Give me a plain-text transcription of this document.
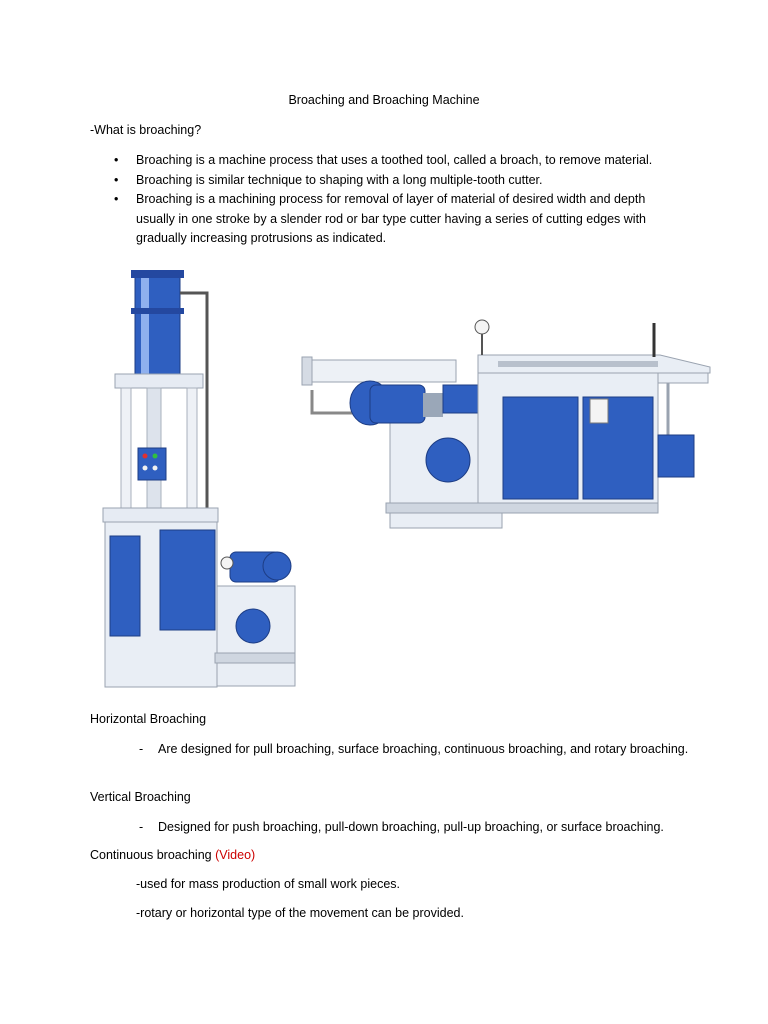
Broaching and Broaching Machine
-What is broaching?
• Broaching is a machine process that uses a toothed tool, called a broach, to remove material.
• Broaching is similar technique to shaping with a long multiple-tooth cutter.
• Broaching is a machining process for removal of layer of material of desired width and depth usually in one stroke by a slender rod or bar type cutter having a series of cutting edges with gradually increasing protrusions as indicated.
Horizontal Broaching
- Are designed for pull broaching, surface broaching, continuous broaching, and rotary broaching.
Vertical Broaching
- Designed for push broaching, pull-down broaching, pull-up broaching, or surface broaching.
Continuous broaching (Video)
-used for mass production of small work pieces.
-rotary or horizontal type of the movement can be provided.
